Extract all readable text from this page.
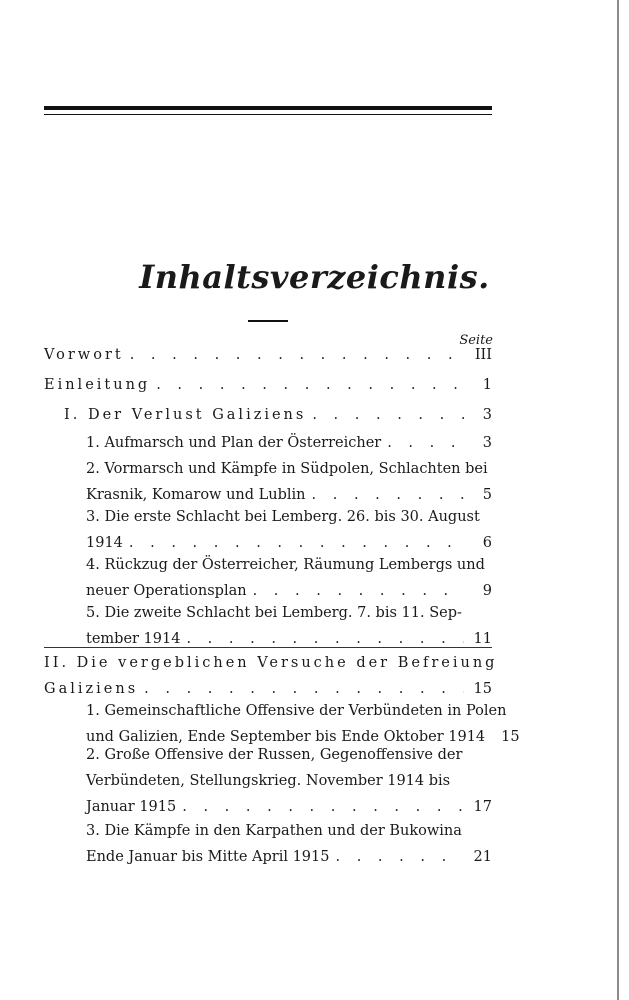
Inhaltsverzeichnis.
Seite
Vorwort . . .	III
Einleitung . . .	1
I. Der Verlust Galiziens . . .	3
1. Aufmarsch und Plan der Österreicher . . .	3
2. Vormarsch und Kämpfe in Südpolen, Schlachten bei
Krasnik, Komarow und Lublin . . .	5
3. Die erste Schlacht bei Lemberg. 26. bis 30. August
1914 . . .	6
4. Rückzug der Österreicher, Räumung Lembergs und
neuer Operationsplan . . .	9
5. Die zweite Schlacht bei Lemberg. 7. bis 11. Sep-
tember 1914 . . .	11
II. Die vergeblichen Versuche der Befreiung
Galiziens . . .	15
1. Gemeinschaftliche Offensive der Verbündeten in Polen
und Galizien, Ende September bis Ende Oktober 1914 15
2. Große Offensive der Russen, Gegenoffensive der
Verbündeten, Stellungskrieg. November 1914 bis
Januar 1915 . . .	17
3. Die Kämpfe in den Karpathen und der Bukowina
Ende Januar bis Mitte April 1915 . . .	21
